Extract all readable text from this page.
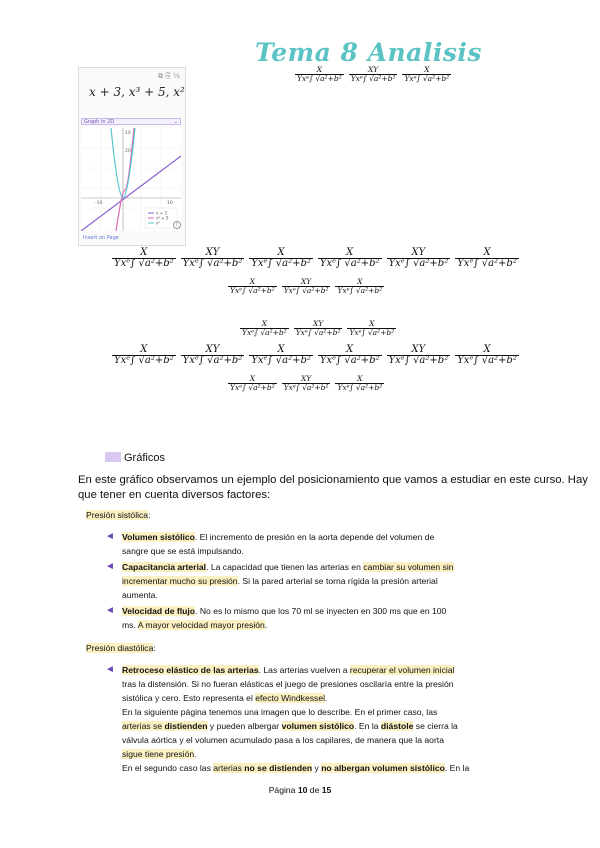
Tema 8 Analisis
⧉ ⎘ ½
x + 3, x³ + 5, x²
Graph in 2D	⌄
-10	10
10
20
x + 3
x³ + 5
x²	i
Insert on Page
$\frac{X}{\text{Yxᵉ∫ √a²+b²}} \frac{XY}{\text{Yxᵉ∫ √a²+b²}} \frac{X}{\text{Yxᵉ∫ √a²+b²}}$
$\frac{X}{\text{Yxᵉ∫ √a²+b²}} \frac{XY}{\text{Yxᵉ∫ √a²+b²}} \frac{X}{\text{Yxᵉ∫ √a²+b²}} \frac{X}{\text{Yxᵉ∫ √a²+b²}} \frac{XY}{\text{Yxᵉ∫ √a²+b²}} \frac{X}{\text{Yxᵉ∫ √a²+b²}}$
$\frac{X}{\text{Yxᵉ∫ √a²+b²}} \frac{XY}{\text{Yxᵉ∫ √a²+b²}} \frac{X}{\text{Yxᵉ∫ √a²+b²}}$
$\frac{X}{\text{Yxᵉ∫ √a²+b²}} \frac{XY}{\text{Yxᵉ∫ √a²+b²}} \frac{X}{\text{Yxᵉ∫ √a²+b²}}$
$\frac{X}{\text{Yxᵉ∫ √a²+b²}} \frac{XY}{\text{Yxᵉ∫ √a²+b²}} \frac{X}{\text{Yxᵉ∫ √a²+b²}} \frac{X}{\text{Yxᵉ∫ √a²+b²}} \frac{XY}{\text{Yxᵉ∫ √a²+b²}} \frac{X}{\text{Yxᵉ∫ √a²+b²}}$
$\frac{X}{\text{Yxᵉ∫ √a²+b²}} \frac{XY}{\text{Yxᵉ∫ √a²+b²}} \frac{X}{\text{Yxᵉ∫ √a²+b²}}$
Gráficos
En este gráfico observamos un ejemplo del posicionamiento que vamos a estudiar en este curso. Hay que tener en cuenta diversos factores:
Presión sistólica:
◄ Volumen sistólico. El incremento de presión en la aorta depende del volumen de
sangre que se está impulsando.
◄ Capacitancia arterial. La capacidad que tienen las arterias en cambiar su volumen sin
incrementar mucho su presión. Si la pared arterial se torna rígida la presión arterial
aumenta.
◄ Velocidad de flujo. No es lo mismo que los 70 ml se inyecten en 300 ms que en 100
ms. A mayor velocidad mayor presión.
Presión diastólica:
◄ Retroceso elástico de las arterias. Las arterias vuelven a recuperar el volumen inicial
tras la distensión. Si no fueran elásticas el juego de presiones oscilaría entre la presión
sistólica y cero. Esto representa el efecto Windkessel.
En la siguiente página tenemos una imagen que lo describe. En el primer caso, las
arterias se distienden y pueden albergar volumen sistólico. En la diástole se cierra la
válvula aórtica y el volumen acumulado pasa a los capilares, de manera que la aorta
sigue tiene presión.
En el segundo caso las arterias no se distienden y no albergan volumen sistólico. En la
Página 10 de 15
